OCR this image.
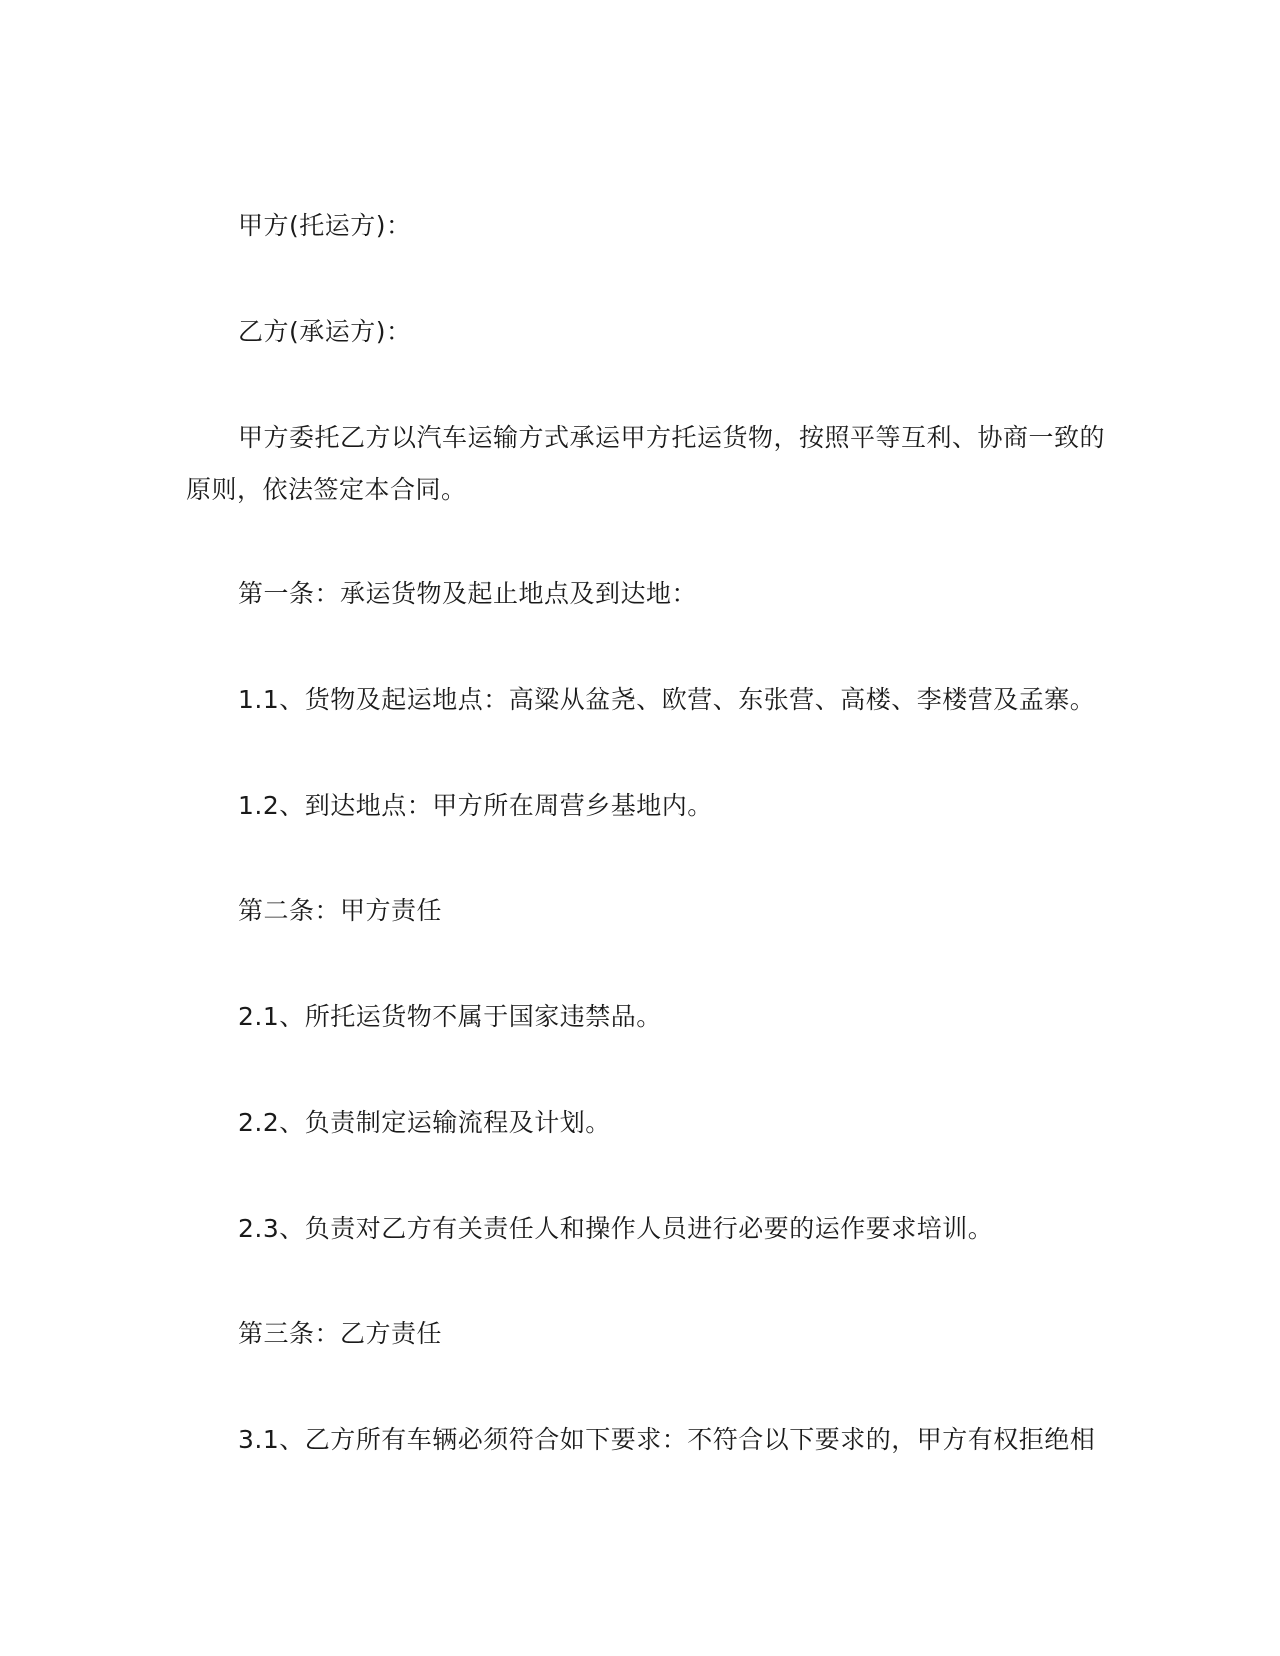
甲方(托运方)：

乙方(承运方)：

甲方委托乙方以汽车运输方式承运甲方托运货物，按照平等互利、协商一致的

原则，依法签定本合同。

第一条：承运货物及起止地点及到达地：

1.1、货物及起运地点：高粱从盆尧、欧营、东张营、高楼、李楼营及孟寨。

1.2、到达地点：甲方所在周营乡基地内。

第二条：甲方责任

2.1、所托运货物不属于国家违禁品。

2.2、负责制定运输流程及计划。

2.3、负责对乙方有关责任人和操作人员进行必要的运作要求培训。

第三条：乙方责任

3.1、乙方所有车辆必须符合如下要求：不符合以下要求的，甲方有权拒绝相
